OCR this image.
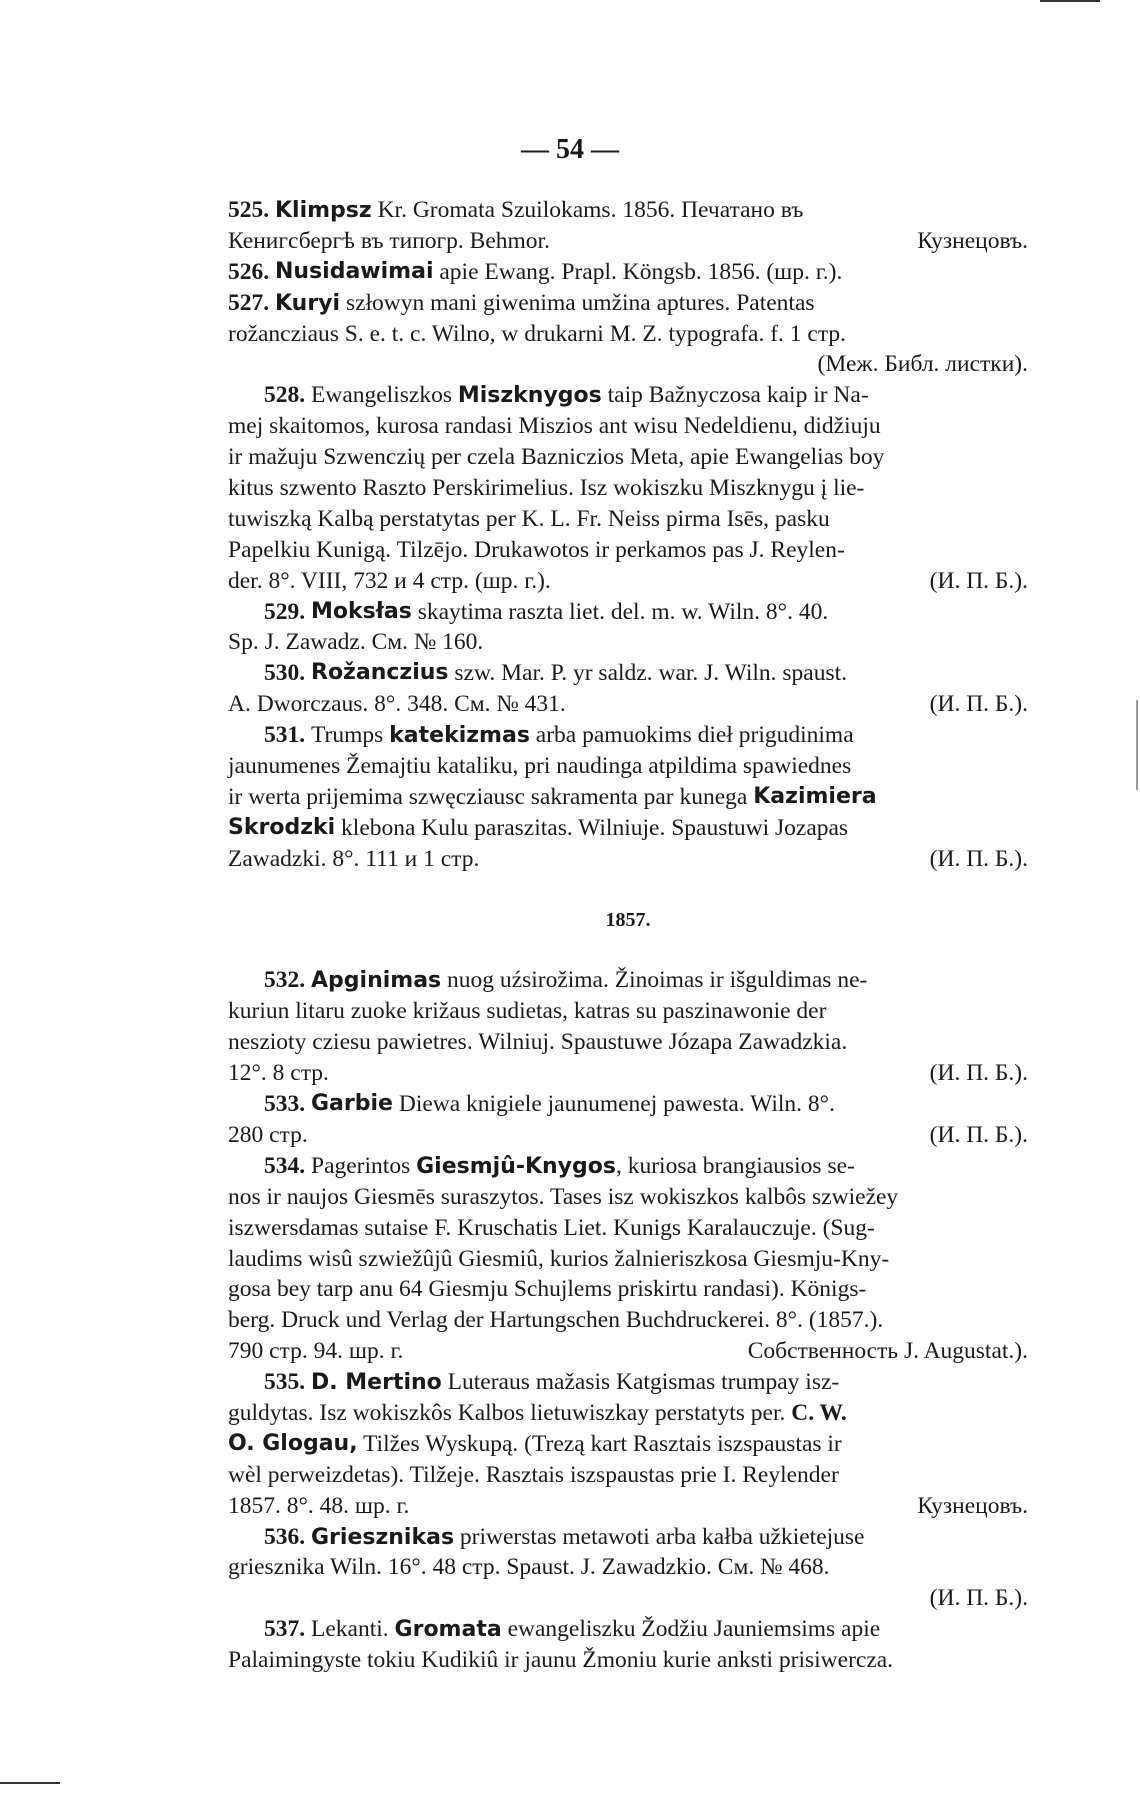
— 54 —
525. Klimpsz Kr. Gromata Szuilokams. 1856. Печатано въ
Кенигсбергѣ въ типогр. Behmor.	Кузнецовъ.
526. Nusidawimai apie Ewang. Prapl. Köngsb. 1856. (шр. г.).
527. Kuryi szłowyn mani giwenima umžina aptures. Patentas
rožancziaus S. e. t. c. Wilno, w drukarni M. Z. typografa. f. 1 стр.
(Меж. Библ. листки).
528. Ewangeliszkos Miszknygos taip Bažnyczosa kaip ir Na-
mej skaitomos, kurosa randasi Miszios ant wisu Nedeldienu, didžiuju
ir mažuju Szwenczių per czela Bazniczios Meta, apie Ewangelias boy
kitus szwento Raszto Perskirimelius. Isz wokiszku Miszknygu į lie-
tuwiszką Kalbą perstatytas per K. L. Fr. Neiss pirma Isēs, pasku
Papelkiu Kunigą. Tilzējo. Drukawotos ir perkamos pas J. Reylen-
der. 8°. VIII, 732 и 4 стр. (шр. г.).	(И. П. Б.).
529. Moksłas skaytima raszta liet. del. m. w. Wiln. 8°. 40.
Sp. J. Zawadz. См. № 160.
530. Rožanczius szw. Mar. P. yr saldz. war. J. Wiln. spaust.
A. Dworczaus. 8°. 348. См. № 431.	(И. П. Б.).
531. Trumps katekizmas arba pamuokims dieł prigudinima
jaunumenes Žemajtiu kataliku, pri naudinga atpildima spawiednes
ir werta prijemima szwęcziausc sakramenta par kunega Kazimiera
Skrodzki klebona Kulu paraszitas. Wilniuje. Spaustuwi Jozapas
Zawadzki. 8°. 111 и 1 стр.	(И. П. Б.).
1857.
532. Apginimas nuog uźsirožima. Žinoimas ir išguldimas ne-
kuriun litaru zuoke križaus sudietas, katras su paszinawonie der
neszioty cziesu pawietres. Wilniuj. Spaustuwe Józapa Zawadzkia.
12°. 8 стр.	(И. П. Б.).
533. Garbie Diewa knigiele jaunumenej pawesta. Wiln. 8°.
280 стр.	(И. П. Б.).
534. Pagerintos Giesmjû-Knygos, kuriosa brangiausios se-
nos ir naujos Giesmēs suraszytos. Tases isz wokiszkos kalbôs szwiežey
iszwersdamas sutaise F. Kruschatis Liet. Kunigs Karalauczuje. (Sug-
laudims wisû szwiežûjû Giesmiû, kurios žalnieriszkosa Giesmju-Kny-
gosa bey tarp anu 64 Giesmju Schujlems priskirtu randasi). Königs-
berg. Druck und Verlag der Hartungschen Buchdruckerei. 8°. (1857.).
790 стр. 94. шр. г.	Собственность J. Augustat.).
535. D. Mertino Luteraus mažasis Katgismas trumpay isz-
guldytas. Isz wokiszkôs Kalbos lietuwiszkay perstatyts per. C. W.
O. Glogau, Tilžes Wyskupą. (Trezą kart Rasztais iszspaustas ir
wèl perweizdetas). Tilžeje. Rasztais iszspaustas prie I. Reylender
1857. 8°. 48. шр. г.	Кузнецовъ.
536. Griesznikas priwerstas metawoti arba kałba užkietejuse
griesznika Wiln. 16°. 48 стр. Spaust. J. Zawadzkio. См. № 468.
(И. П. Б.).
537. Lekanti. Gromata ewangeliszku Žodžiu Jauniemsims apie
Palaimingyste tokiu Kudikiû ir jaunu Žmoniu kurie anksti prisiwercza.
